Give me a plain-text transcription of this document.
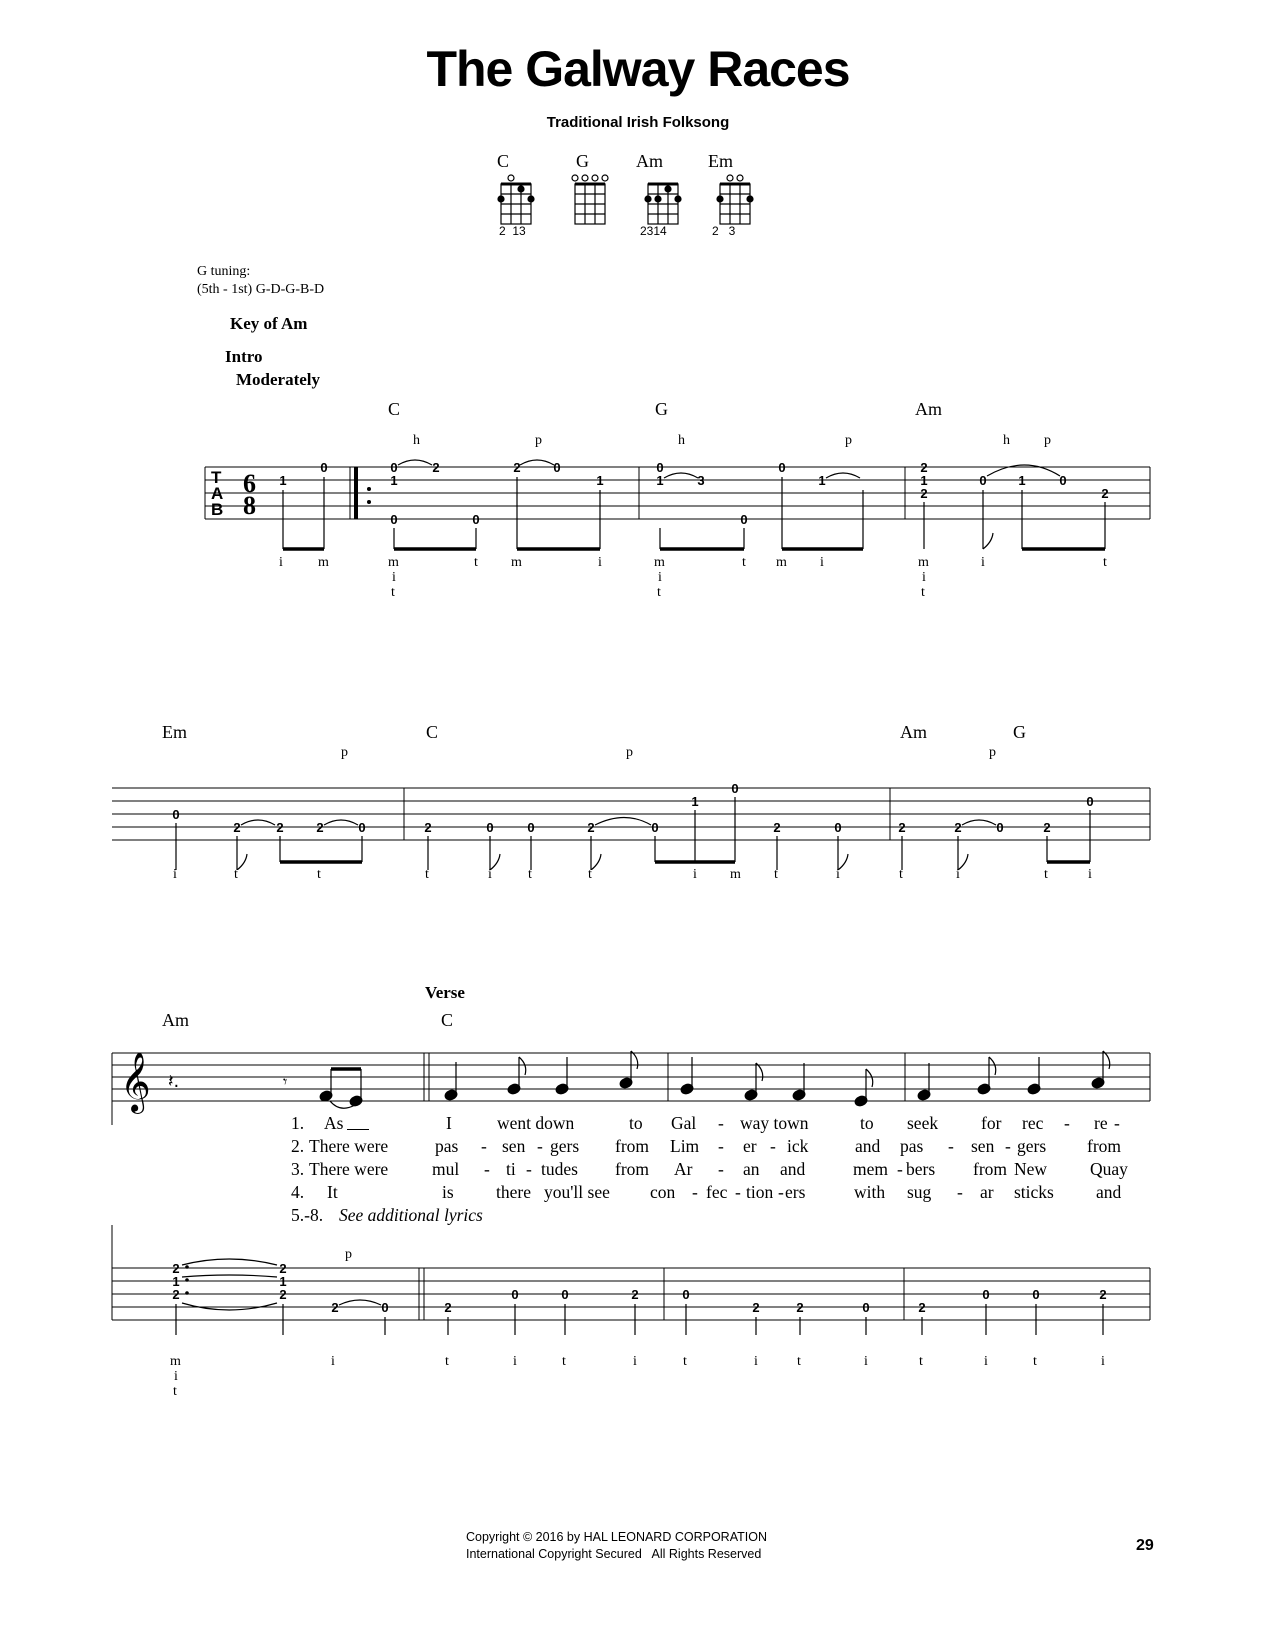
The Galway Races
Traditional Irish Folksong
C	G	Am	Em
2  13	2314	2   3
G tuning:
(5th - 1st) G-D-G-B-D
Key of Am
Intro
Moderately
Verse
C	G	Am
h	p	h	p	h p
T
A
B
6
8
1
0	0	2
1
0
2
0
1
0
1	3
0
0
1
0	2
1
2
0
1	0
2
i	m	m
i
t
t m	i	m
i
t
t m i	m
i
t
i	t
Em	C	Am	G
p	p	p
0
2	2	2	0	2	0	0	2	0
1
0
2	0	2	2	0	2
0
i	t	t	t	i	t	t	i m t	i	t	i	t	i
Am	C
𝄞 𝄽.	𝄾
1. As	I	went down	to Gal - way town	to seek for rec - re -
2. There were	pas - sen - gers from Lim - er - ick	and pas - sen - gers from
3. There were	mul - ti - tudes from Ar - an and	mem - bers from New Quay
4. It	is there you'll see con - fec - tion - ers	with sug - ar sticks and
5.-8. See additional lyrics
2
1
2
2
1
2
2	0	2
0	0	2	0
2	2	0	2
0	0	2
p
m
i
t
i	t	i	t	i	t	i	t	i	t	i	t	i
Copyright © 2016 by HAL LEONARD CORPORATION
International Copyright Secured   All Rights Reserved	29
